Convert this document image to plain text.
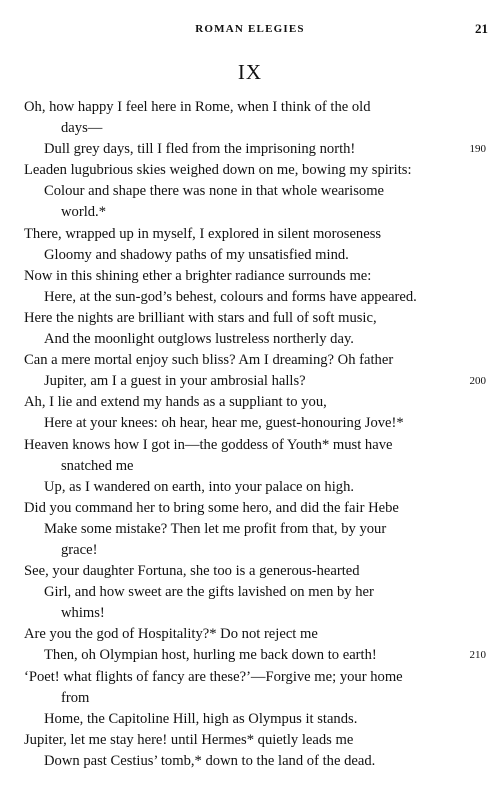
ROMAN ELEGIES	21
IX
Oh, how happy I feel here in Rome, when I think of the old
days—
Dull grey days, till I fled from the imprisoning north!	190
Leaden lugubrious skies weighed down on me, bowing my spirits:
Colour and shape there was none in that whole wearisome
world.*
There, wrapped up in myself, I explored in silent moroseness
Gloomy and shadowy paths of my unsatisfied mind.
Now in this shining ether a brighter radiance surrounds me:
Here, at the sun-god’s behest, colours and forms have appeared.
Here the nights are brilliant with stars and full of soft music,
And the moonlight outglows lustreless northerly day.
Can a mere mortal enjoy such bliss? Am I dreaming? Oh father
Jupiter, am I a guest in your ambrosial halls?	200
Ah, I lie and extend my hands as a suppliant to you,
Here at your knees: oh hear, hear me, guest-honouring Jove!*
Heaven knows how I got in—the goddess of Youth* must have
snatched me
Up, as I wandered on earth, into your palace on high.
Did you command her to bring some hero, and did the fair Hebe
Make some mistake? Then let me profit from that, by your
grace!
See, your daughter Fortuna, she too is a generous-hearted
Girl, and how sweet are the gifts lavished on men by her
whims!
Are you the god of Hospitality?* Do not reject me
Then, oh Olympian host, hurling me back down to earth!	210
‘Poet! what flights of fancy are these?’—Forgive me; your home
from
Home, the Capitoline Hill, high as Olympus it stands.
Jupiter, let me stay here! until Hermes* quietly leads me
Down past Cestius’ tomb,* down to the land of the dead.
